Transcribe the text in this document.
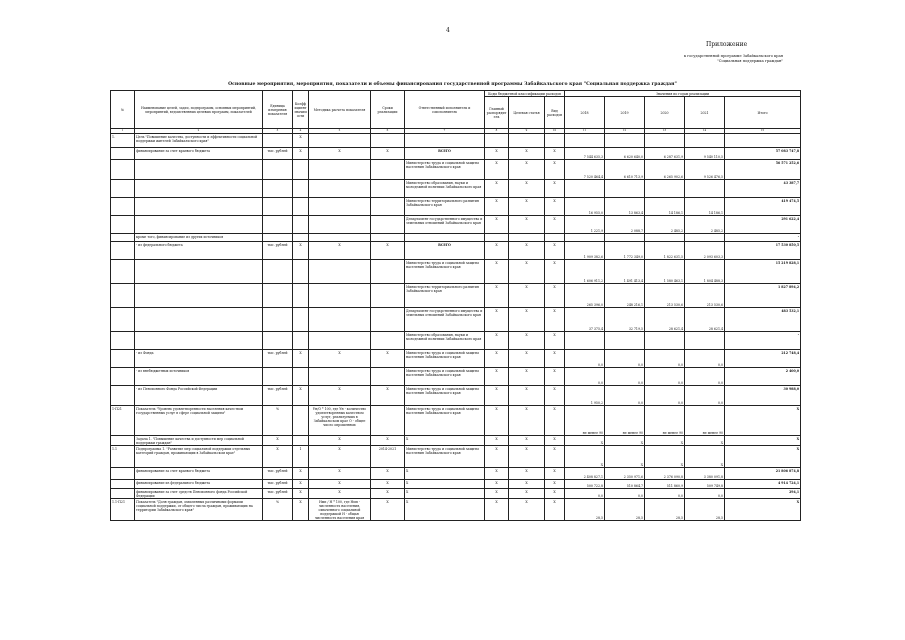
4
Приложение
к государственной программе Забайкальского края
"Социальная поддержка граждан"
Основные мероприятия, мероприятия, показатели и объемы финансирования государственной программы Забайкальского края "Социальная поддержка граждан"
№	Наименование целей, задач, подпрограмм, основных мероприятий, мероприятий, ведомственных целевых программ, показателей	Единица измерения показателя	Коэффициент значимости	Методика расчета показателя	Сроки реализации	Ответственный исполнитель и соисполнитель	Коды бюджетной классификации расходов			Значения по годам реализации				
							Главный распорядитель	Целевая статья	Вид расходов	2018	2019	2020	2021	Итого
1	2	3	4	5	6	7	8	9	10	11	12	13	14	15
1.	Цель "Повышение качества, доступности и эффективности социальной поддержки жителей Забайкальского края"		X											
	финансирование за счет краевого бюджета	тыс. рублей	X	X	X	ВСЕГО	X	X	X	7 544 635,3	6 620 640,0	6 287 631,9	9 540 110,5	57 083 747,8
						Министерство труда и социальной защиты населения Забайкальского края	X	X	X	7 520 464,4	6 610 713,9	6 265 902,6	9 526 476,5	56 571 252,6
						Министерство образования, науки и молодежной политики Забайкальского края	X	X	X					43 387,7
						Министерство территориального развития Забайкальского края	X	X	X	16 955,0	13 863,4	14 186,1	14 186,1	419 474,5
						Департамент государственного имущества и земельных отношений Забайкальского края	X	X	X	1 221,9	2 088,7	2 485,2	2 485,2	291 622,4
	кроме того, финансирование из других источников													-
	- из федерального бюджета	тыс. рублей	X	X	X	ВСЕГО	X	X	X	1 909 382,6	1 772 349,0	1 822 631,5	2 093 603,3	17 530 850,5
						Министерство труда и социальной защиты населения Забайкальского края	X	X	X	1 606 911,2	1 491 413,4	1 580 463,1	1 804 488,3	15 219 828,1
						Министерство территориального развития Забайкальского края	X	X	X	265 396,0	248 216,1	213 530,6	213 530,6	1 827 894,2
						Департамент государственного имущества и земельных отношений Забайкальского края	X	X	X	37 375,4	32 719,5	28 621,4	28 621,4	483 532,1
						Министерство образования, науки и молодежной политики Забайкальского края	X	X	X					-
	- из Фонда	тыс. рублей	X	X	X	Министерство труда и социальной защиты населения Забайкальского края	X	X	X	0,0	0,0	0,0	0,0	212 748,4
	- из внебюджетных источников					Министерство труда и социальной защиты населения Забайкальского края	X	X	X	0,0	0,0	0,0	0,0	2 400,0
	- из Пенсионного Фонда Российской Федерации	тыс. рублей	X	X	X	Министерство труда и социальной защиты населения Забайкальского края	X	X	X	1 950,2	0,0	0,0	0,0	30 988,0
1-П21	Показатель "Уровень удовлетворенности населения качеством государственных услуг в сфере социальной защиты"	%		Ун/О * 100, где Ун - количество удовлетворенных качеством услуг, реализуемых в Забайкальском крае О - общее число опрошенных		Министерство труда и социальной защиты населения Забайкальского края	X	X	X	не менее 90	не менее 90	не менее 90	не менее 90	X
	Задача 1. "Повышение качества и доступности мер социальной поддержки граждан"	X		X	X	X	X	X	X	X	X	X	X	X
1.1	Подпрограмма 1. "Развитие мер социальной поддержки отдельных категорий граждан, проживающих в Забайкальском крае"	X	1	X	2014-2021	Министерство труда и социальной защиты населения Забайкальского края	X	X	X	X	X	X	X	X
	финансирование за счет краевого бюджета	тыс. рублей	X	X	X	X	X	X	X	2 408 827,1	2 350 971,6	2 376 090,8	3 380 091,8	21 806 874,8
	финансирование из федерального бюджета	тыс. рублей	X	X	X	X	X	X	X	500 722,8	510 864,7	511 860,9	509 749,8	4 914 724,1
	финансирование за счет средств Пенсионного фонда Российской Федерации	тыс. рублей	X	X	X	X	X	X	X	0,0	0,0	0,0	0,0	294,1
1.1-П21	Показатель "Доля граждан, охваченных различными формами социальной поддержки, от общего числа граждан, проживающих на территории Забайкальского края"	%	X	Нмп / Н * 100, где Нмп - численность населения, охваченного социальной поддержкой Н - общая численность населения края	X	X	X	X	X	28,5	28,5	28,5	28,5	X
